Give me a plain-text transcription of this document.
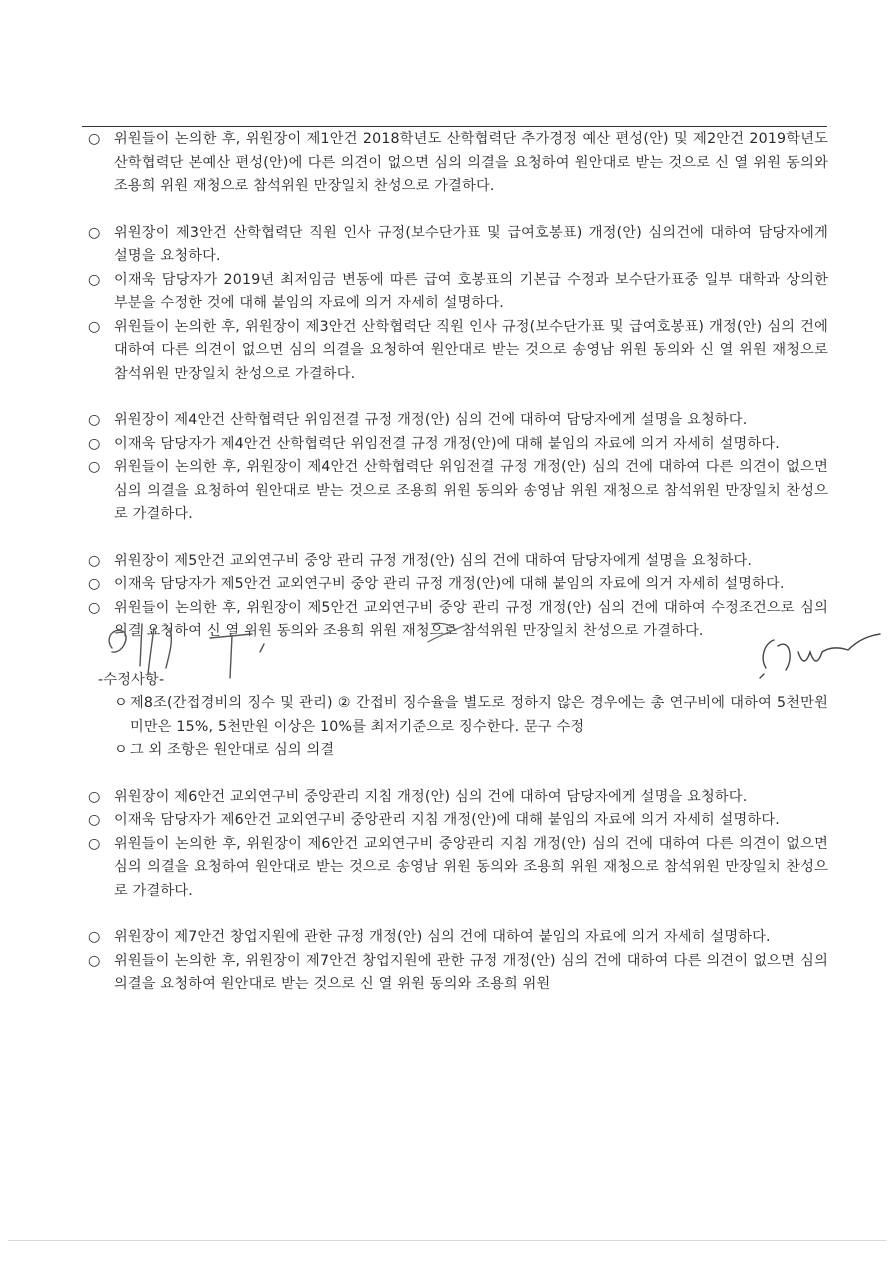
○ 위원들이 논의한 후, 위원장이 제1안건 2018학년도 산학협력단 추가경정 예산 편성(안) 및 제2안건 2019학년도 산학협력단 본예산 편성(안)에 다른 의견이 없으면 심의 의결을 요청하여 원안대로 받는 것으로 신 열 위원 동의와 조용희 위원 재청으로 참석위원 만장일치 찬성으로 가결하다.
○ 위원장이 제3안건 산학협력단 직원 인사 규정(보수단가표 및 급여호봉표) 개정(안) 심의건에 대하여 담당자에게 설명을 요청하다.
○ 이재욱 담당자가 2019년 최저임금 변동에 따른 급여 호봉표의 기본급 수정과 보수단가표중 일부 대학과 상의한 부분을 수정한 것에 대해 붙임의 자료에 의거 자세히 설명하다.
○ 위원들이 논의한 후, 위원장이 제3안건 산학협력단 직원 인사 규정(보수단가표 및 급여호봉표) 개정(안) 심의 건에 대하여 다른 의견이 없으면 심의 의결을 요청하여 원안대로 받는 것으로 송영남 위원 동의와 신 열 위원 재청으로 참석위원 만장일치 찬성으로 가결하다.
○ 위원장이 제4안건 산학협력단 위임전결 규정 개정(안) 심의 건에 대하여 담당자에게 설명을 요청하다.
○ 이재욱 담당자가 제4안건 산학협력단 위임전결 규정 개정(안)에 대해 붙임의 자료에 의거 자세히 설명하다.
○ 위원들이 논의한 후, 위원장이 제4안건 산학협력단 위임전결 규정 개정(안) 심의 건에 대하여 다른 의견이 없으면 심의 의결을 요청하여 원안대로 받는 것으로 조용희 위원 동의와 송영남 위원 재청으로 참석위원 만장일치 찬성으로 가결하다.
○ 위원장이 제5안건 교외연구비 중앙 관리 규정 개정(안) 심의 건에 대하여 담당자에게 설명을 요청하다.
○ 이재욱 담당자가 제5안건 교외연구비 중앙 관리 규정 개정(안)에 대해 붙임의 자료에 의거 자세히 설명하다.
○ 위원들이 논의한 후, 위원장이 제5안건 교외연구비 중앙 관리 규정 개정(안) 심의 건에 대하여 수정조건으로 심의 의결 요청하여 신 열 위원 동의와 조용희 위원 재청으로 참석위원 만장일치 찬성으로 가결하다.
-수정사항-
ㅇ 제8조(간접경비의 징수 및 관리) ② 간접비 징수율을 별도로 정하지 않은 경우에는 총 연구비에 대하여 5천만원 미만은 15%, 5천만원 이상은 10%를 최저기준으로 징수한다. 문구 수정
ㅇ 그 외 조항은 원안대로 심의 의결
○ 위원장이 제6안건 교외연구비 중앙관리 지침 개정(안) 심의 건에 대하여 담당자에게 설명을 요청하다.
○ 이재욱 담당자가 제6안건 교외연구비 중앙관리 지침 개정(안)에 대해 붙임의 자료에 의거 자세히 설명하다.
○ 위원들이 논의한 후, 위원장이 제6안건 교외연구비 중앙관리 지침 개정(안) 심의 건에 대하여 다른 의견이 없으면 심의 의결을 요청하여 원안대로 받는 것으로 송영남 위원 동의와 조용희 위원 재청으로 참석위원 만장일치 찬성으로 가결하다.
○ 위원장이 제7안건 창업지원에 관한 규정 개정(안) 심의 건에 대하여 붙임의 자료에 의거 자세히 설명하다.
○ 위원들이 논의한 후, 위원장이 제7안건 창업지원에 관한 규정 개정(안) 심의 건에 대하여 다른 의견이 없으면 심의 의결을 요청하여 원안대로 받는 것으로 신 열 위원 동의와 조용희 위원
